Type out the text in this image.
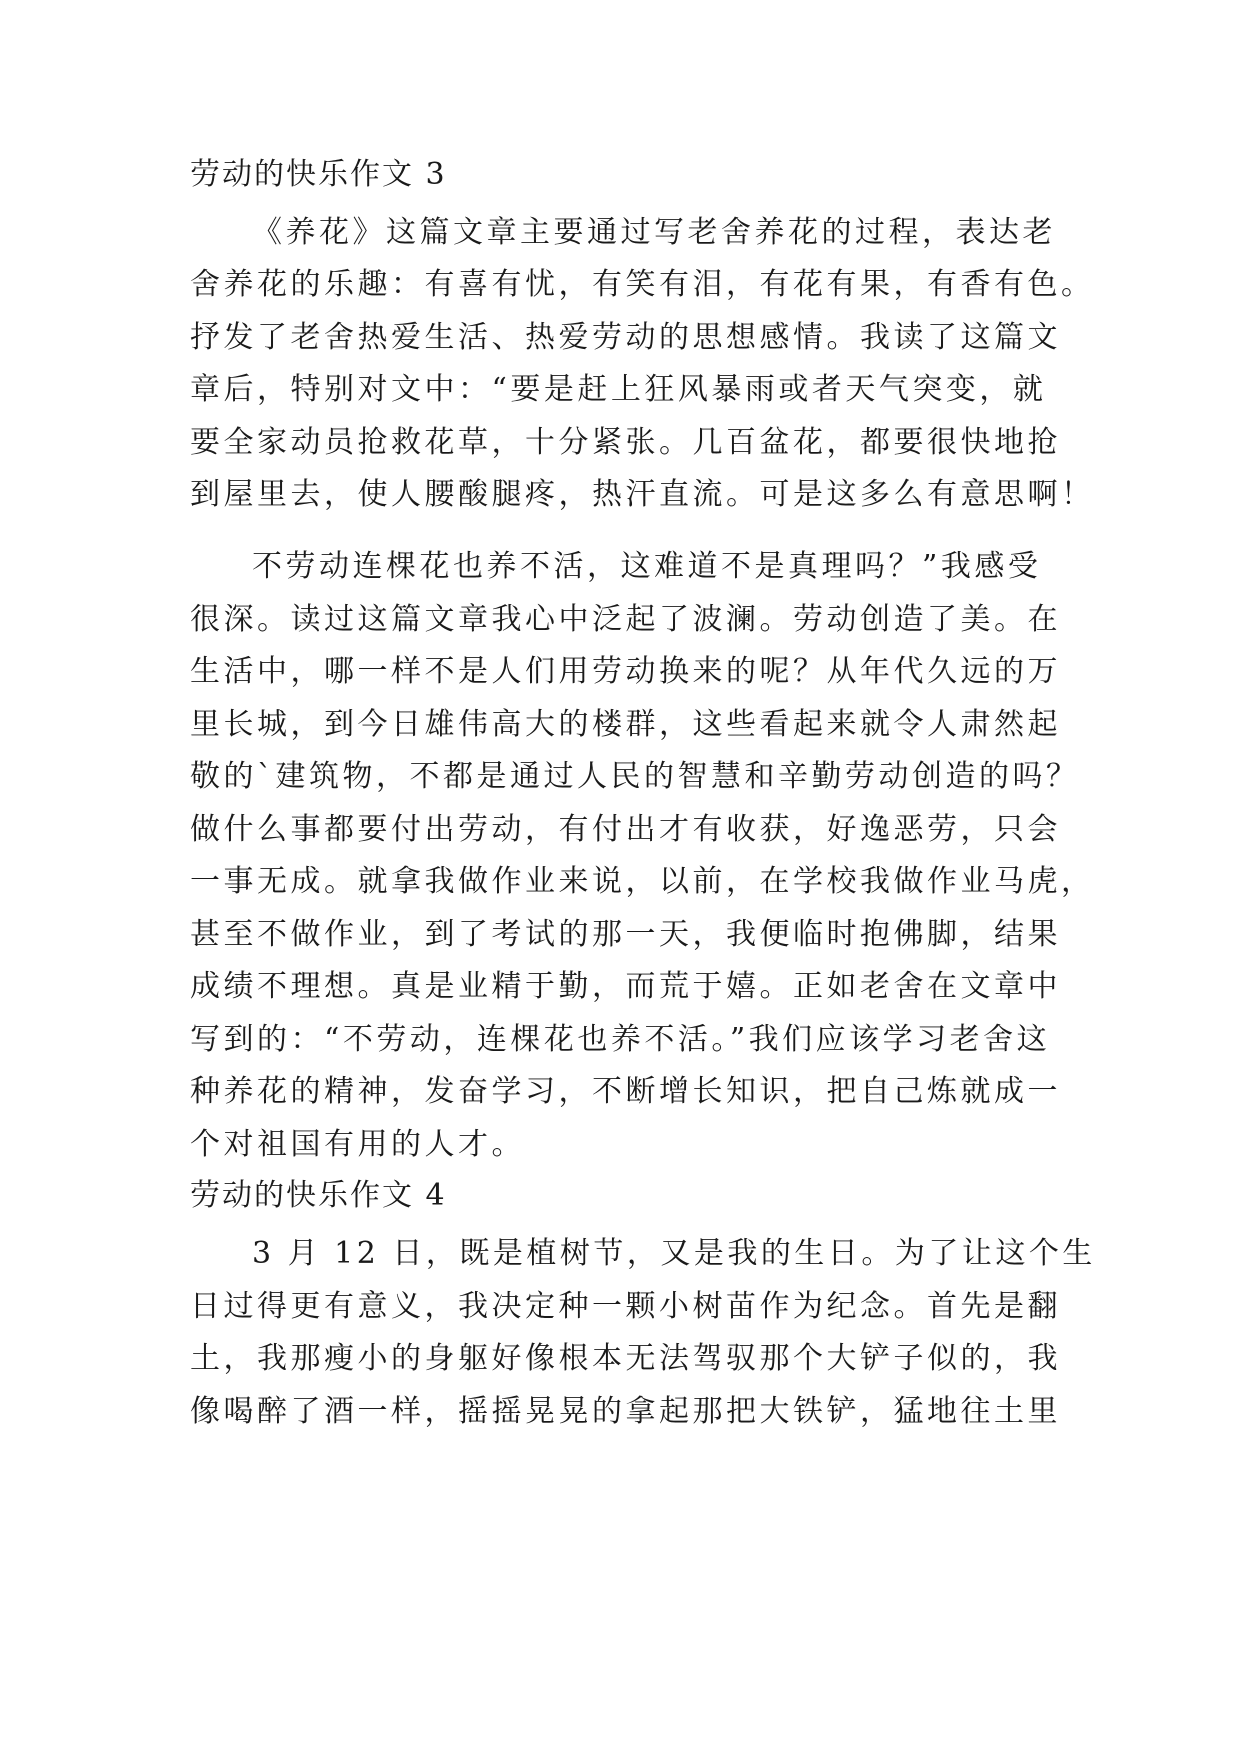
劳动的快乐作文 3
《养花》这篇文章主要通过写老舍养花的过程，表达老
舍养花的乐趣：有喜有忧，有笑有泪，有花有果，有香有色。
抒发了老舍热爱生活、热爱劳动的思想感情。我读了这篇文
章后，特别对文中：“要是赶上狂风暴雨或者天气突变，就
要全家动员抢救花草，十分紧张。几百盆花，都要很快地抢
到屋里去，使人腰酸腿疼，热汗直流。可是这多么有意思啊！
不劳动连棵花也养不活，这难道不是真理吗？”我感受
很深。读过这篇文章我心中泛起了波澜。劳动创造了美。在
生活中，哪一样不是人们用劳动换来的呢？从年代久远的万
里长城，到今日雄伟高大的楼群，这些看起来就令人肃然起
敬的`建筑物，不都是通过人民的智慧和辛勤劳动创造的吗？
做什么事都要付出劳动，有付出才有收获，好逸恶劳，只会
一事无成。就拿我做作业来说，以前，在学校我做作业马虎，
甚至不做作业，到了考试的那一天，我便临时抱佛脚，结果
成绩不理想。真是业精于勤，而荒于嬉。正如老舍在文章中
写到的：“不劳动，连棵花也养不活。”我们应该学习老舍这
种养花的精神，发奋学习，不断增长知识，把自己炼就成一
个对祖国有用的人才。
劳动的快乐作文 4
3 月 12 日，既是植树节，又是我的生日。为了让这个生
日过得更有意义，我决定种一颗小树苗作为纪念。首先是翻
土，我那瘦小的身躯好像根本无法驾驭那个大铲子似的，我
像喝醉了酒一样，摇摇晃晃的拿起那把大铁铲，猛地往土里
